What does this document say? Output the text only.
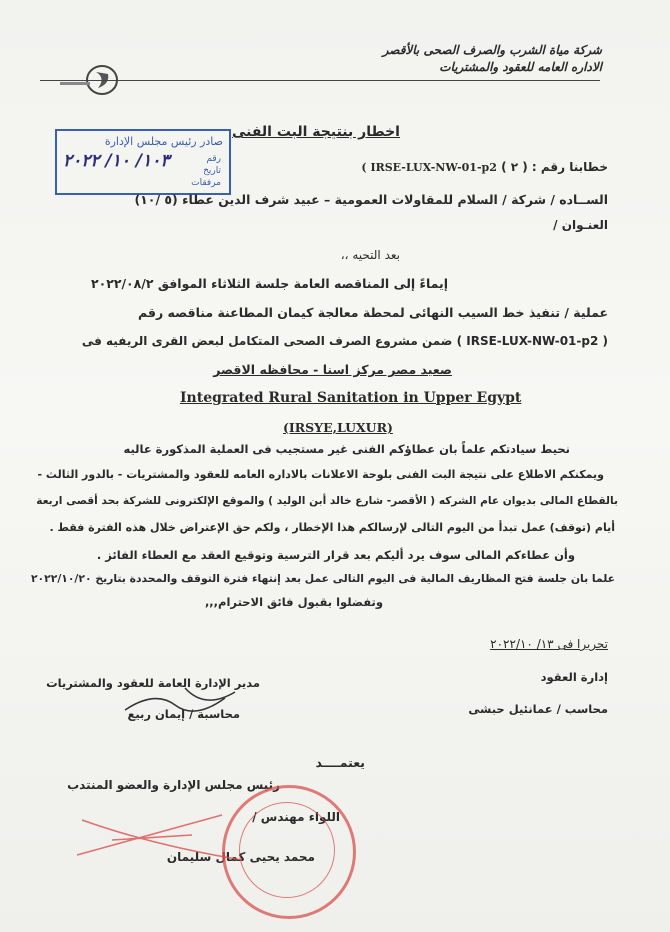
شركة مياة الشرب والصرف الصحى بالأقصر
الاداره العامه للعقود والمشتريات
صادر رئيس مجلس الإدارة
رقم
تاريخ
مرفقات
١٠٣/ ١٠/ ٢٠٢٢
اخطار بنتيجة البت الفنى
خطابنا رقم : ( ٢ ) IRSE-LUX-NW-01-p2 )
الســاده / شركة / السلام للمقاولات العمومية – عبيد شرف الدين عطاء (٥ /١٠)
العنـوان /
بعد التحيه ،،
إيماءً إلى المناقصه العامة جلسة الثلاثاء الموافق ٢٠٢٢/٠٨/٢
عملية / تنفيذ خط السيب النهائى لمحطة معالجة كيمان المطاعنة مناقصه رقم
( IRSE-LUX-NW-01-p2 ) ضمن مشروع الصرف الصحى المتكامل لبعض القرى الريفيه فى
صعيد مصر مركز اسنا - محافظه الاقصر
Integrated Rural Sanitation in Upper Egypt
(IRSYE,LUXUR)
نحيط سيادتكم علماً بان عطاؤكم الفنى غير مستجيب فى العملية المذكورة عاليه
ويمكنكم الاطلاع على نتيجة البت الفنى بلوحة الاعلانات بالاداره العامه للعقود والمشتريات - بالدور الثالث -
بالقطاع المالى بديوان عام الشركه ( الأقصر- شارع خالد أبن الوليد ) والموقع الإلكترونى للشركة بحد أقصى اربعة
أيام (توقف) عمل تبدأ من اليوم التالى لإرسالكم هذا الإخطار ، ولكم حق الإعتراض خلال هذه الفترة فقط .
وأن عطاءكم المالى سوف يرد أليكم بعد قرار الترسية وتوقيع العقد مع العطاء الفائز .
علما بان جلسة فتح المظاريف المالية فى اليوم التالى عمل بعد إنتهاء فترة التوقف والمحددة بتاريخ ٢٠٢٢/١٠/٢٠
وتفضلوا بقبول فائق الاحترام,,,
تحريرا فى ١٣/ ٢٠٢٢/١٠
إدارة العقود
محاسب / عمانئيل حبشى
مدير الإدارة العامة للعقود والمشتريات
محاسبة / إيمان ربيع
يعتمــــد
رئيس مجلس الإدارة والعضو المنتدب
اللواء مهندس /
محمد يحيى كمال سليمان
